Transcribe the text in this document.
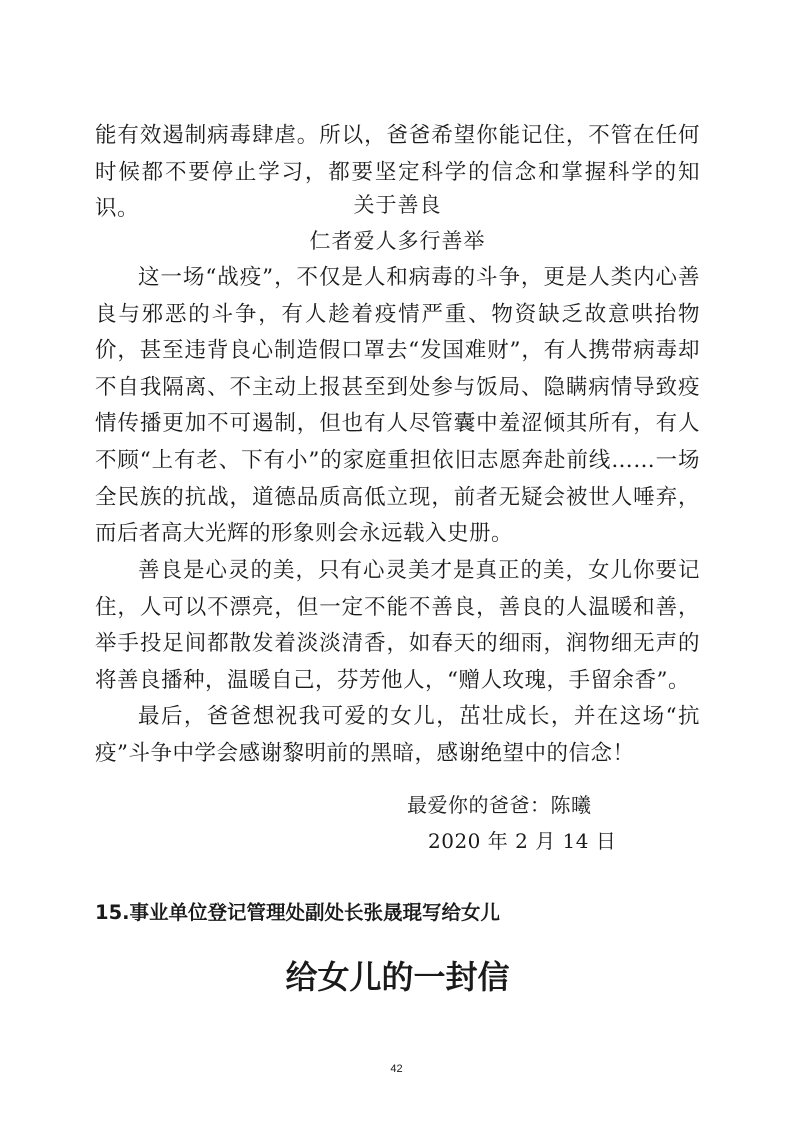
能有效遏制病毒肆虐。所以，爸爸希望你能记住，不管在任何时候都不要停止学习，都要坚定科学的信念和掌握科学的知识。	关于善良

仁者爱人多行善举

这一场“战疫”，不仅是人和病毒的斗争，更是人类内心善良与邪恶的斗争，有人趁着疫情严重、物资缺乏故意哄抬物价，甚至违背良心制造假口罩去“发国难财”，有人携带病毒却不自我隔离、不主动上报甚至到处参与饭局、隐瞒病情导致疫情传播更加不可遏制，但也有人尽管囊中羞涩倾其所有，有人不顾“上有老、下有小”的家庭重担依旧志愿奔赴前线……一场全民族的抗战，道德品质高低立现，前者无疑会被世人唾弃，而后者高大光辉的形象则会永远载入史册。

善良是心灵的美，只有心灵美才是真正的美，女儿你要记住，人可以不漂亮，但一定不能不善良，善良的人温暖和善，举手投足间都散发着淡淡清香，如春天的细雨，润物细无声的将善良播种，温暖自己，芬芳他人，“赠人玫瑰，手留余香”。

最后，爸爸想祝我可爱的女儿，茁壮成长，并在这场“抗疫”斗争中学会感谢黎明前的黑暗，感谢绝望中的信念！

最爱你的爸爸：陈曦

2020 年 2 月 14 日

15.事业单位登记管理处副处长张晟琨写给女儿

给女儿的一封信

42
